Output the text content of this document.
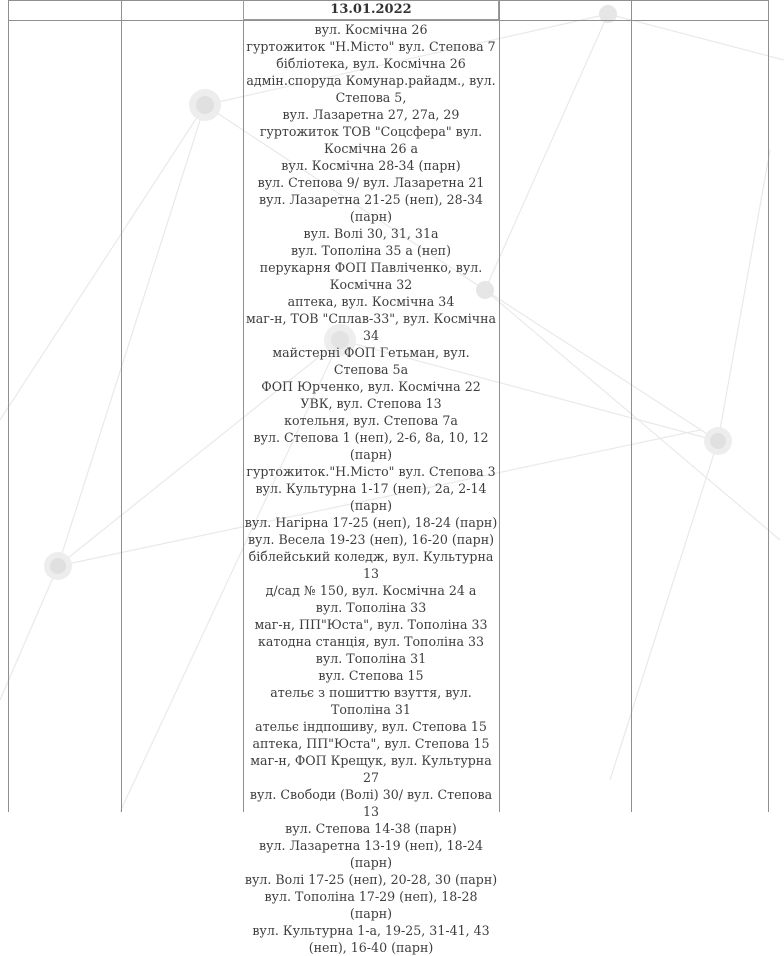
13.01.2022
вул. Космічна 26
гуртожиток "Н.Місто" вул. Степова 7
бібліотека, вул. Космічна 26
адмін.споруда Комунар.райадм., вул. Степова 5,
вул. Лазаретна 27, 27а, 29
гуртожиток ТОВ "Соцсфера" вул. Космічна 26 а
вул. Космічна 28-34 (парн)
вул. Степова 9/ вул. Лазаретна 21
вул. Лазаретна 21-25 (неп), 28-34 (парн)
вул. Волі 30, 31, 31а
вул. Тополіна 35 а (неп)
перукарня ФОП Павліченко, вул. Космічна 32
аптека, вул. Космічна 34
маг-н, ТОВ "Сплав-33", вул. Космічна 34
майстерні ФОП Гетьман, вул. Степова 5а
ФОП Юрченко, вул. Космічна 22
УВК, вул. Степова 13
котельня, вул. Степова 7а
вул. Степова 1 (неп), 2-6, 8а, 10, 12 (парн)
гуртожиток."Н.Місто" вул. Степова 3
вул. Культурна 1-17 (неп), 2а, 2-14 (парн)
вул. Нагірна 17-25 (неп), 18-24 (парн)
вул. Весела 19-23 (неп), 16-20 (парн)
біблейський коледж, вул. Культурна 13
д/сад № 150, вул. Космічна 24 а
вул. Тополіна 33
маг-н, ПП"Юста", вул. Тополіна 33
катодна станція, вул. Тополіна 33
вул. Тополіна 31
вул. Степова 15
ательє з пошиттю взуття, вул. Тополіна 31
ательє індпошиву, вул. Степова 15
аптека, ПП"Юста", вул. Степова 15
маг-н, ФОП Крещук, вул. Культурна 27
вул. Свободи (Волі) 30/ вул. Степова 13
вул. Степова 14-38 (парн)
вул. Лазаретна 13-19 (неп), 18-24 (парн)
вул. Волі 17-25 (неп), 20-28, 30 (парн)
вул. Тополіна 17-29 (неп), 18-28 (парн)
вул. Культурна 1-а, 19-25, 31-41, 43 (неп), 16-40 (парн)
